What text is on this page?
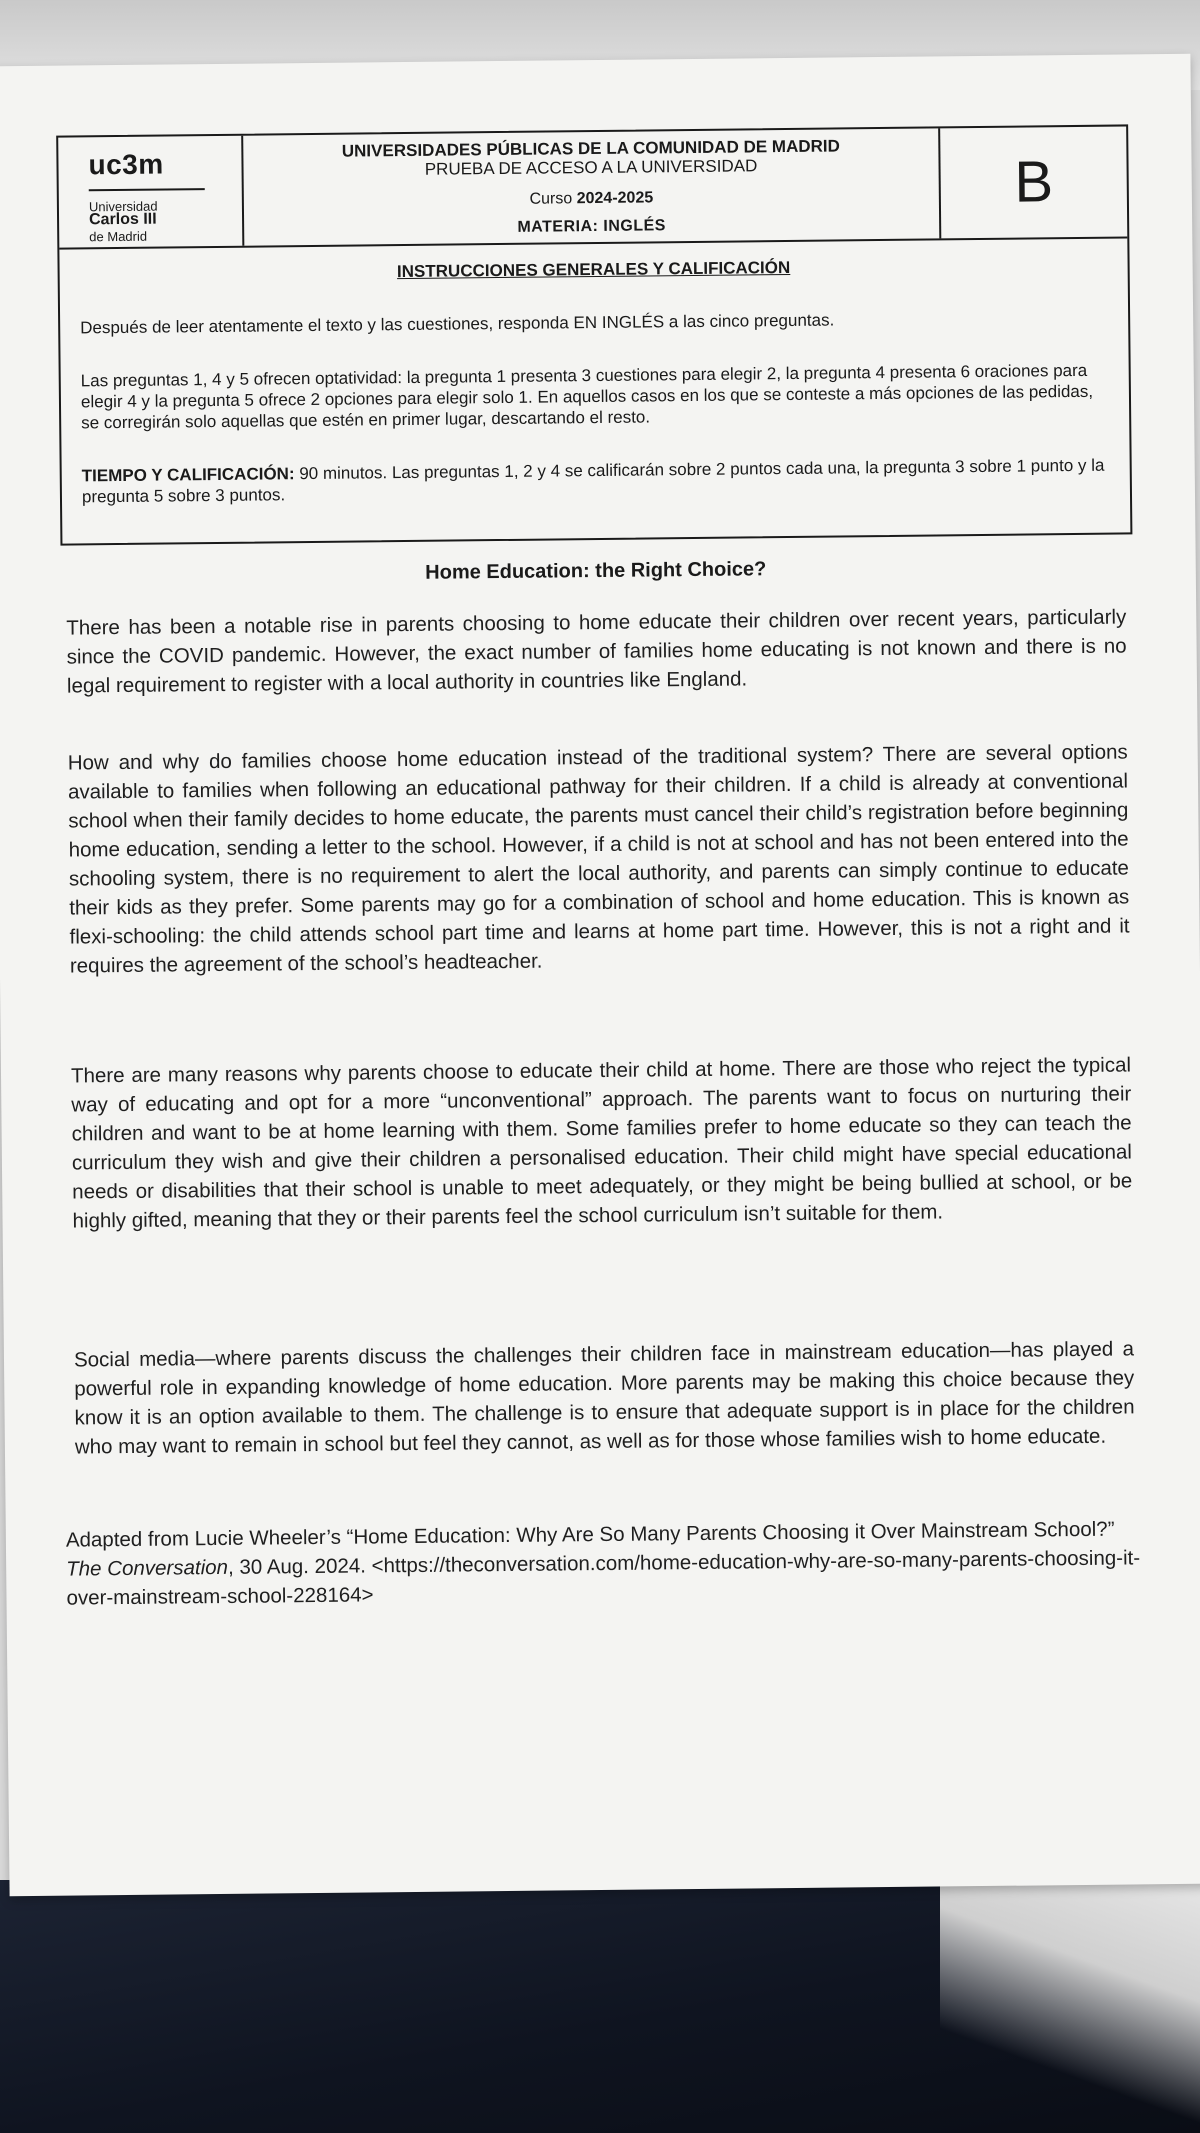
uc3m
Universidad
Carlos III
de Madrid
UNIVERSIDADES PÚBLICAS DE LA COMUNIDAD DE MADRID
PRUEBA DE ACCESO A LA UNIVERSIDAD
Curso 2024-2025
MATERIA: INGLÉS
B
INSTRUCCIONES GENERALES Y CALIFICACIÓN
Después de leer atentamente el texto y las cuestiones, responda EN INGLÉS a las cinco preguntas.
Las preguntas 1, 4 y 5 ofrecen optatividad: la pregunta 1 presenta 3 cuestiones para elegir 2, la pregunta 4 presenta 6 oraciones para elegir 4 y la pregunta 5 ofrece 2 opciones para elegir solo 1. En aquellos casos en los que se conteste a más opciones de las pedidas, se corregirán solo aquellas que estén en primer lugar, descartando el resto.
TIEMPO Y CALIFICACIÓN: 90 minutos. Las preguntas 1, 2 y 4 se calificarán sobre 2 puntos cada una, la pregunta 3 sobre 1 punto y la pregunta 5 sobre 3 puntos.
Home Education: the Right Choice?
There has been a notable rise in parents choosing to home educate their children over recent years, particularly since the COVID pandemic. However, the exact number of families home educating is not known and there is no legal requirement to register with a local authority in countries like England.
How and why do families choose home education instead of the traditional system? There are several options available to families when following an educational pathway for their children. If a child is already at conventional school when their family decides to home educate, the parents must cancel their child’s registration before beginning home education, sending a letter to the school. However, if a child is not at school and has not been entered into the schooling system, there is no requirement to alert the local authority, and parents can simply continue to educate their kids as they prefer. Some parents may go for a combination of school and home education. This is known as flexi-schooling: the child attends school part time and learns at home part time. However, this is not a right and it requires the agreement of the school’s headteacher.
There are many reasons why parents choose to educate their child at home. There are those who reject the typical way of educating and opt for a more “unconventional” approach. The parents want to focus on nurturing their children and want to be at home learning with them. Some families prefer to home educate so they can teach the curriculum they wish and give their children a personalised education. Their child might have special educational needs or disabilities that their school is unable to meet adequately, or they might be being bullied at school, or be highly gifted, meaning that they or their parents feel the school curriculum isn’t suitable for them.
Social media—where parents discuss the challenges their children face in mainstream education—has played a powerful role in expanding knowledge of home education. More parents may be making this choice because they know it is an option available to them. The challenge is to ensure that adequate support is in place for the children who may want to remain in school but feel they cannot, as well as for those whose families wish to home educate.
Adapted from Lucie Wheeler’s “Home Education: Why Are So Many Parents Choosing it Over Mainstream School?” The Conversation, 30 Aug. 2024. <https://theconversation.com/home-education-why-are-so-many-parents-choosing-it-over-mainstream-school-228164>
